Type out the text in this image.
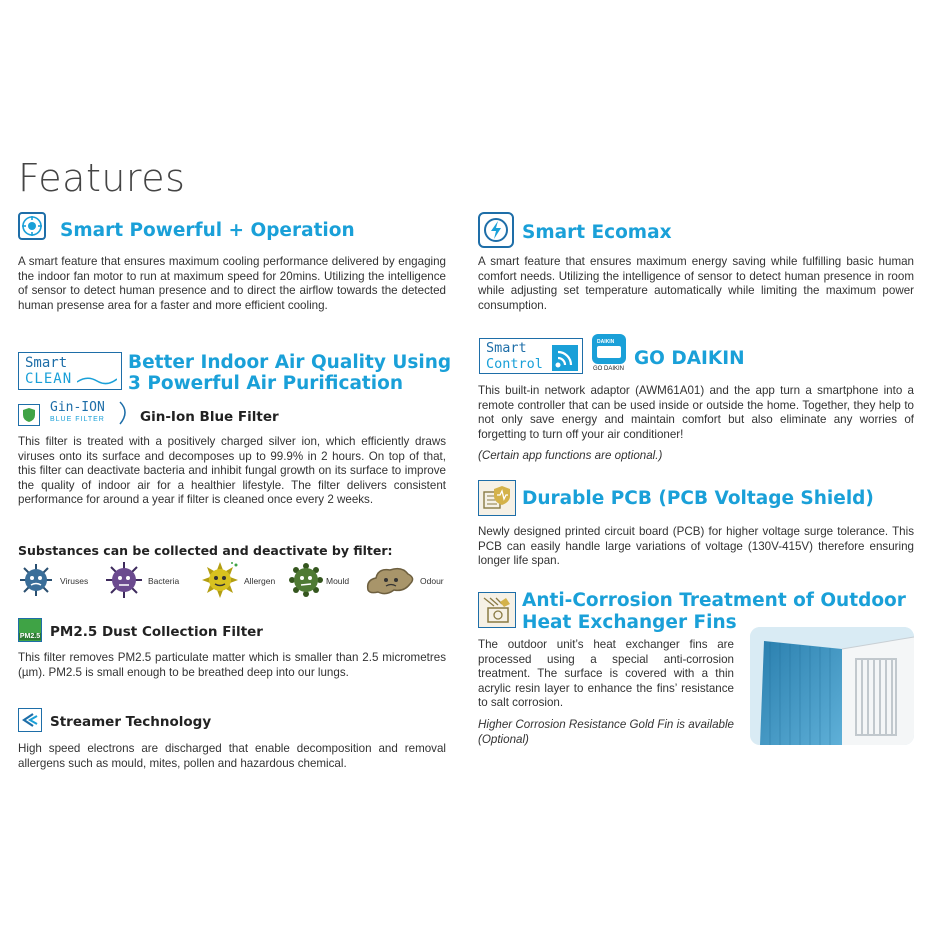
Features
Smart Powerful + Operation
A smart feature that ensures maximum cooling performance delivered by engaging the indoor fan motor to run at maximum speed for 20mins. Utilizing the intelligence of sensor to detect human presence and to direct the airflow towards the detected human presense area for a faster and more efficient cooling.
Smart
CLEAN
Better Indoor Air Quality Using
3 Powerful Air Purification
Gin-ION
BLUE FILTER	Gin-Ion Blue Filter
This filter is treated with a positively charged silver ion, which efficiently draws viruses onto its surface and decomposes up to 99.9% in 2 hours. On top of that, this filter can deactivate bacteria and inhibit fungal growth on its surface to improve the quality of indoor air for a healthier lifestyle. The filter delivers consistent performance for around a year if filter is cleaned once every 2 weeks.
Substances can be collected and deactivate by filter:
Viruses	Bacteria	Allergen	Mould	Odour
PM2.5 PM2.5 Dust Collection Filter
This filter removes PM2.5 particulate matter which is smaller than 2.5 micrometres (µm). PM2.5 is small enough to be breathed deep into our lungs.
Streamer Technology
High speed electrons are discharged that enable decomposition and removal allergens such as mould, mites, pollen and hazardous chemical.
Smart Ecomax
A smart feature that ensures maximum energy saving while fulfilling basic human comfort needs. Utilizing the intelligence of sensor to detect human presence in room while adjusting set temperature automatically while limiting the maximum power consumption.
Smart
Control
DAIKIN
GO DAIKIN GO DAIKIN
This built-in network adaptor (AWM61A01) and the app turn a smartphone into a remote controller that can be used inside or outside the home. Together, they help to not only save energy and maintain comfort but also eliminate any worries of forgetting to turn off your air conditioner!
(Certain app functions are optional.)
Durable PCB (PCB Voltage Shield)
Newly designed printed circuit board (PCB) for higher voltage surge tolerance. This PCB can easily handle large variations of voltage (130V-415V) therefore ensuring longer life span.
Anti-Corrosion Treatment of Outdoor
Heat Exchanger Fins
The outdoor unit’s heat exchanger fins are processed using a special anti-corrosion treatment. The surface is covered with a thin acrylic resin layer to enhance the fins’ resistance to salt corrosion.
Higher Corrosion Resistance Gold Fin is available (Optional)
